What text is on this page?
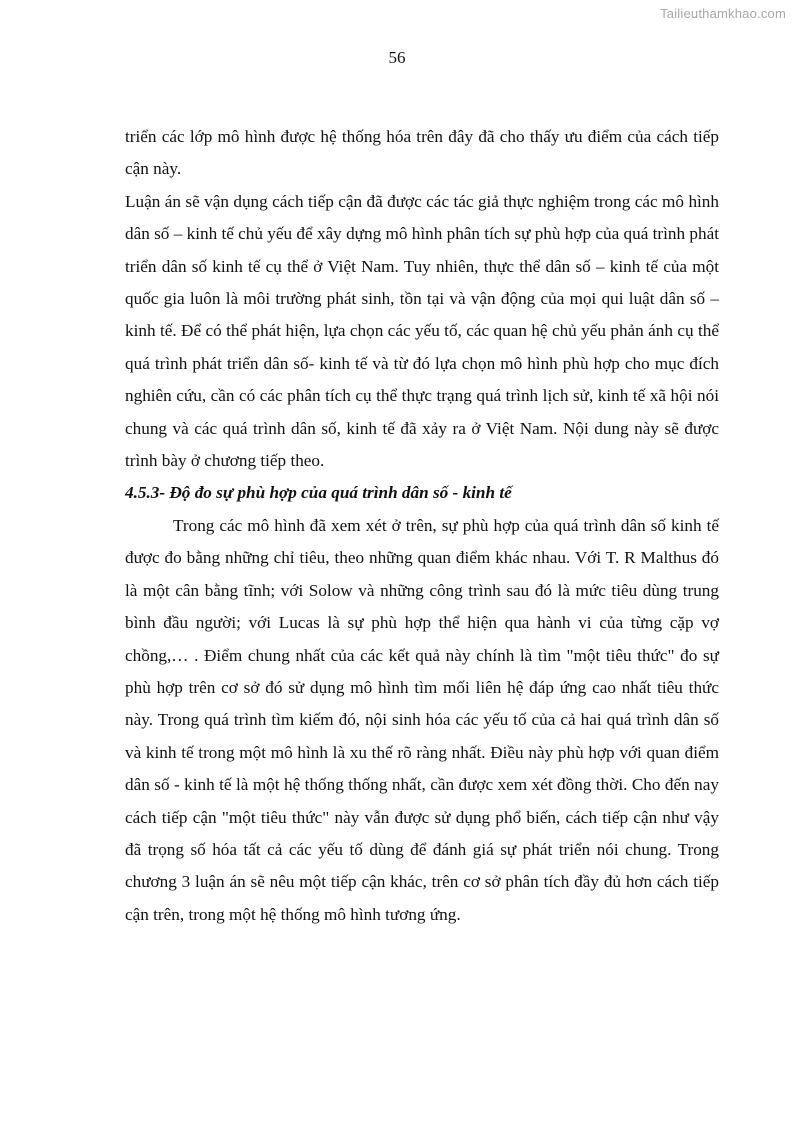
Tailieuthamkhao.com
56

triển các lớp mô hình được hệ thống hóa trên đây đã cho thấy ưu điểm của cách tiếp cận này.

Luận án sẽ vận dụng cách tiếp cận đã được các tác giả thực nghiệm trong các mô hình dân số – kinh tế chủ yếu để xây dựng mô hình phân tích sự phù hợp của quá trình phát triển dân số kinh tế cụ thể ở Việt Nam. Tuy nhiên, thực thể dân số – kinh tế của một quốc gia luôn là môi trường phát sinh, tồn tại và vận động của mọi qui luật dân số – kinh tế. Để có thể phát hiện, lựa chọn các yếu tố, các quan hệ chủ yếu phản ánh cụ thể quá trình phát triển dân số- kinh tế và từ đó lựa chọn mô hình phù hợp cho mục đích nghiên cứu, cần có các phân tích cụ thể thực trạng quá trình lịch sử, kinh tế xã hội nói chung và các quá trình dân số, kinh tế đã xảy ra ở Việt Nam. Nội dung này sẽ được trình bày ở chương tiếp theo.

4.5.3- Độ đo sự phù hợp của quá trình dân số - kinh tế

Trong các mô hình đã xem xét ở trên, sự phù hợp của quá trình dân số kinh tế được đo bằng những chỉ tiêu, theo những quan điểm khác nhau. Với T. R Malthus đó là một cân bằng tĩnh; với Solow và những công trình sau đó là mức tiêu dùng trung bình đầu người; với Lucas là sự phù hợp thể hiện qua hành vi của từng cặp vợ chồng,… . Điểm chung nhất của các kết quả này chính là tìm "một tiêu thức" đo sự phù hợp trên cơ sở đó sử dụng mô hình tìm mối liên hệ đáp ứng cao nhất tiêu thức này. Trong quá trình tìm kiếm đó, nội sinh hóa các yếu tố của cả hai quá trình dân số và kinh tế trong một mô hình là xu thế rõ ràng nhất. Điều này phù hợp với quan điểm dân số - kinh tế là một hệ thống thống nhất, cần được xem xét đồng thời. Cho đến nay cách tiếp cận "một tiêu thức" này vẫn được sử dụng phổ biến, cách tiếp cận như vậy đã trọng số hóa tất cả các yếu tố dùng để đánh giá sự phát triển nói chung. Trong chương 3 luận án sẽ nêu một tiếp cận khác, trên cơ sở phân tích đầy đủ hơn cách tiếp cận trên, trong một hệ thống mô hình tương ứng.
